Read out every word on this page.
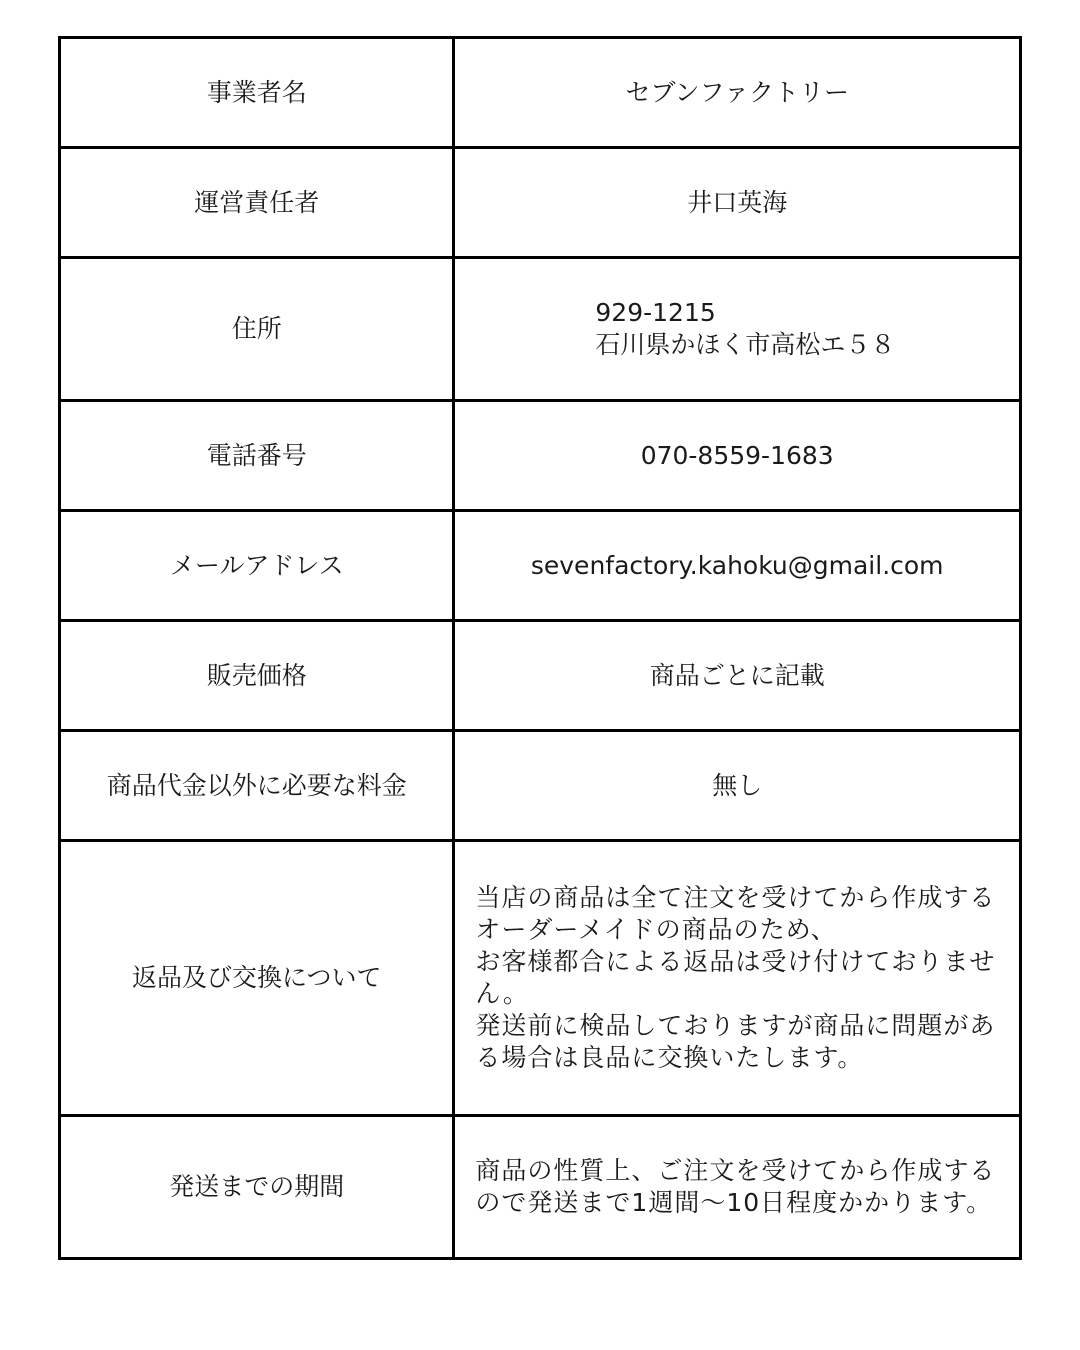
事業者名	セブンファクトリー
運営責任者	井口英海
住所	929-1215
石川県かほく市高松エ５８

電話番号	070-8559-1683
メールアドレス	sevenfactory.kahoku@gmail.com
販売価格	商品ごとに記載
商品代金以外に必要な料金	無し
返品及び交換について	当店の商品は全て注文を受けてから作成するオーダーメイドの商品のため、
お客様都合による返品は受け付けておりません。
発送前に検品しておりますが商品に問題がある場合は良品に交換いたします。

発送までの期間	商品の性質上、ご注文を受けてから作成するので発送まで1週間〜10日程度かかります。
